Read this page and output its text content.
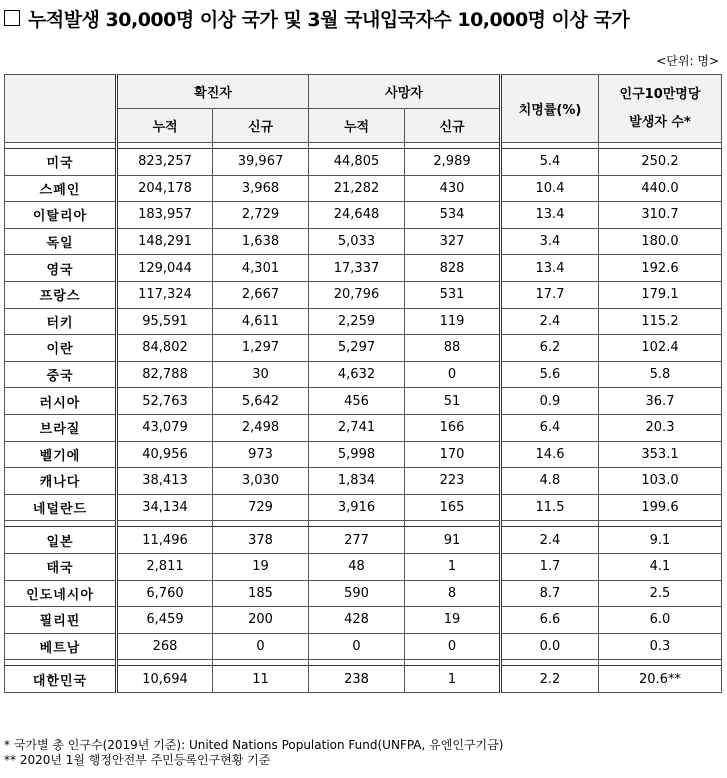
누적발생 30,000명 이상 국가 및 3월 국내입국자수 10,000명 이상 국가
<단위: 명>
	확진자		사망자		치명률(%)	인구10만명당
발생자 수*

	누적	신규	누적	신규		

미국	823,257	39,967	44,805	2,989	5.4	250.2
스페인	204,178	3,968	21,282	430	10.4	440.0
이탈리아	183,957	2,729	24,648	534	13.4	310.7
독일	148,291	1,638	5,033	327	3.4	180.0
영국	129,044	4,301	17,337	828	13.4	192.6
프랑스	117,324	2,667	20,796	531	17.7	179.1
터키	95,591	4,611	2,259	119	2.4	115.2
이란	84,802	1,297	5,297	88	6.2	102.4
중국	82,788	30	4,632	0	5.6	5.8
러시아	52,763	5,642	456	51	0.9	36.7
브라질	43,079	2,498	2,741	166	6.4	20.3
벨기에	40,956	973	5,998	170	14.6	353.1
캐나다	38,413	3,030	1,834	223	4.8	103.0
네덜란드	34,134	729	3,916	165	11.5	199.6

일본	11,496	378	277	91	2.4	9.1
태국	2,811	19	48	1	1.7	4.1
인도네시아	6,760	185	590	8	8.7	2.5
필리핀	6,459	200	428	19	6.6	6.0
베트남	268	0	0	0	0.0	0.3

대한민국	10,694	11	238	1	2.2	20.6**
* 국가별 총 인구수(2019년 기준): United Nations Population Fund(UNFPA, 유엔인구기금)
** 2020년 1월 행정안전부 주민등록인구현황 기준
